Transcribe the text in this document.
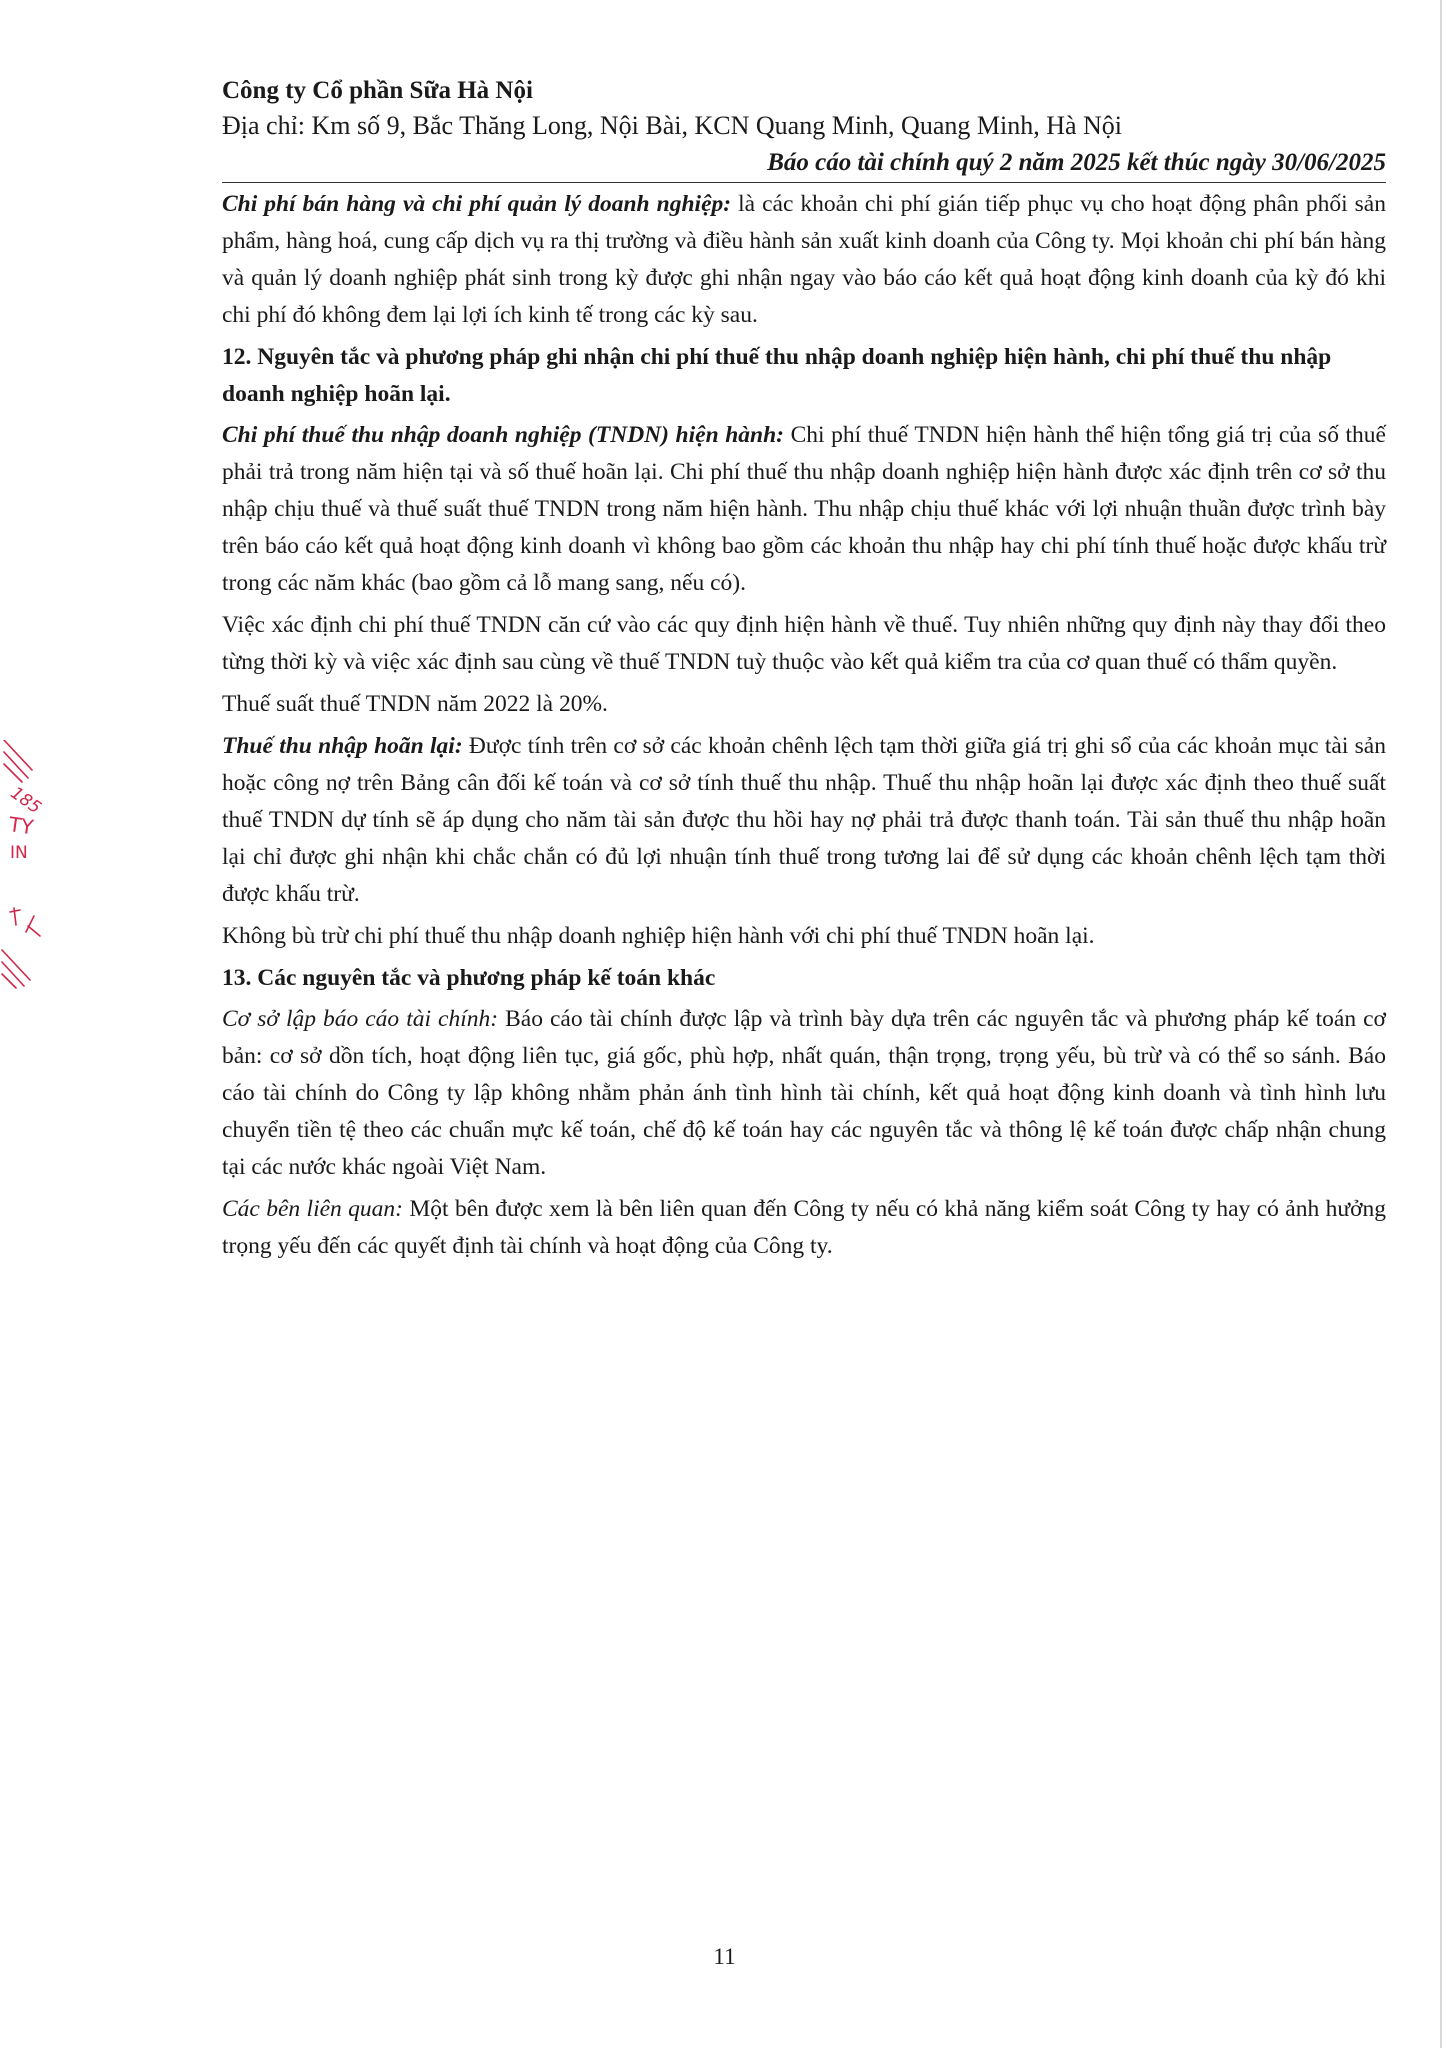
Công ty Cổ phần Sữa Hà Nội
Địa chỉ: Km số 9, Bắc Thăng Long, Nội Bài, KCN Quang Minh, Quang Minh, Hà Nội
Báo cáo tài chính quý 2 năm 2025 kết thúc ngày 30/06/2025

Chi phí bán hàng và chi phí quản lý doanh nghiệp: là các khoản chi phí gián tiếp phục vụ cho hoạt động phân phối sản phẩm, hàng hoá, cung cấp dịch vụ ra thị trường và điều hành sản xuất kinh doanh của Công ty. Mọi khoản chi phí bán hàng và quản lý doanh nghiệp phát sinh trong kỳ được ghi nhận ngay vào báo cáo kết quả hoạt động kinh doanh của kỳ đó khi chi phí đó không đem lại lợi ích kinh tế trong các kỳ sau.

12. Nguyên tắc và phương pháp ghi nhận chi phí thuế thu nhập doanh nghiệp hiện hành, chi phí thuế thu nhập doanh nghiệp hoãn lại.

Chi phí thuế thu nhập doanh nghiệp (TNDN) hiện hành: Chi phí thuế TNDN hiện hành thể hiện tổng giá trị của số thuế phải trả trong năm hiện tại và số thuế hoãn lại. Chi phí thuế thu nhập doanh nghiệp hiện hành được xác định trên cơ sở thu nhập chịu thuế và thuế suất thuế TNDN trong năm hiện hành. Thu nhập chịu thuế khác với lợi nhuận thuần được trình bày trên báo cáo kết quả hoạt động kinh doanh vì không bao gồm các khoản thu nhập hay chi phí tính thuế hoặc được khấu trừ trong các năm khác (bao gồm cả lỗ mang sang, nếu có).

Việc xác định chi phí thuế TNDN căn cứ vào các quy định hiện hành về thuế. Tuy nhiên những quy định này thay đổi theo từng thời kỳ và việc xác định sau cùng về thuế TNDN tuỳ thuộc vào kết quả kiểm tra của cơ quan thuế có thẩm quyền.

Thuế suất thuế TNDN năm 2022 là 20%.

Thuế thu nhập hoãn lại: Được tính trên cơ sở các khoản chênh lệch tạm thời giữa giá trị ghi sổ của các khoản mục tài sản hoặc công nợ trên Bảng cân đối kế toán và cơ sở tính thuế thu nhập. Thuế thu nhập hoãn lại được xác định theo thuế suất thuế TNDN dự tính sẽ áp dụng cho năm tài sản được thu hồi hay nợ phải trả được thanh toán. Tài sản thuế thu nhập hoãn lại chỉ được ghi nhận khi chắc chắn có đủ lợi nhuận tính thuế trong tương lai để sử dụng các khoản chênh lệch tạm thời được khấu trừ.

Không bù trừ chi phí thuế thu nhập doanh nghiệp hiện hành với chi phí thuế TNDN hoãn lại.

13. Các nguyên tắc và phương pháp kế toán khác

Cơ sở lập báo cáo tài chính: Báo cáo tài chính được lập và trình bày dựa trên các nguyên tắc và phương pháp kế toán cơ bản: cơ sở dồn tích, hoạt động liên tục, giá gốc, phù hợp, nhất quán, thận trọng, trọng yếu, bù trừ và có thể so sánh. Báo cáo tài chính do Công ty lập không nhằm phản ánh tình hình tài chính, kết quả hoạt động kinh doanh và tình hình lưu chuyển tiền tệ theo các chuẩn mực kế toán, chế độ kế toán hay các nguyên tắc và thông lệ kế toán được chấp nhận chung tại các nước khác ngoài Việt Nam.

Các bên liên quan: Một bên được xem là bên liên quan đến Công ty nếu có khả năng kiểm soát Công ty hay có ảnh hưởng trọng yếu đến các quyết định tài chính và hoạt động của Công ty.

185
TY
IN
11
